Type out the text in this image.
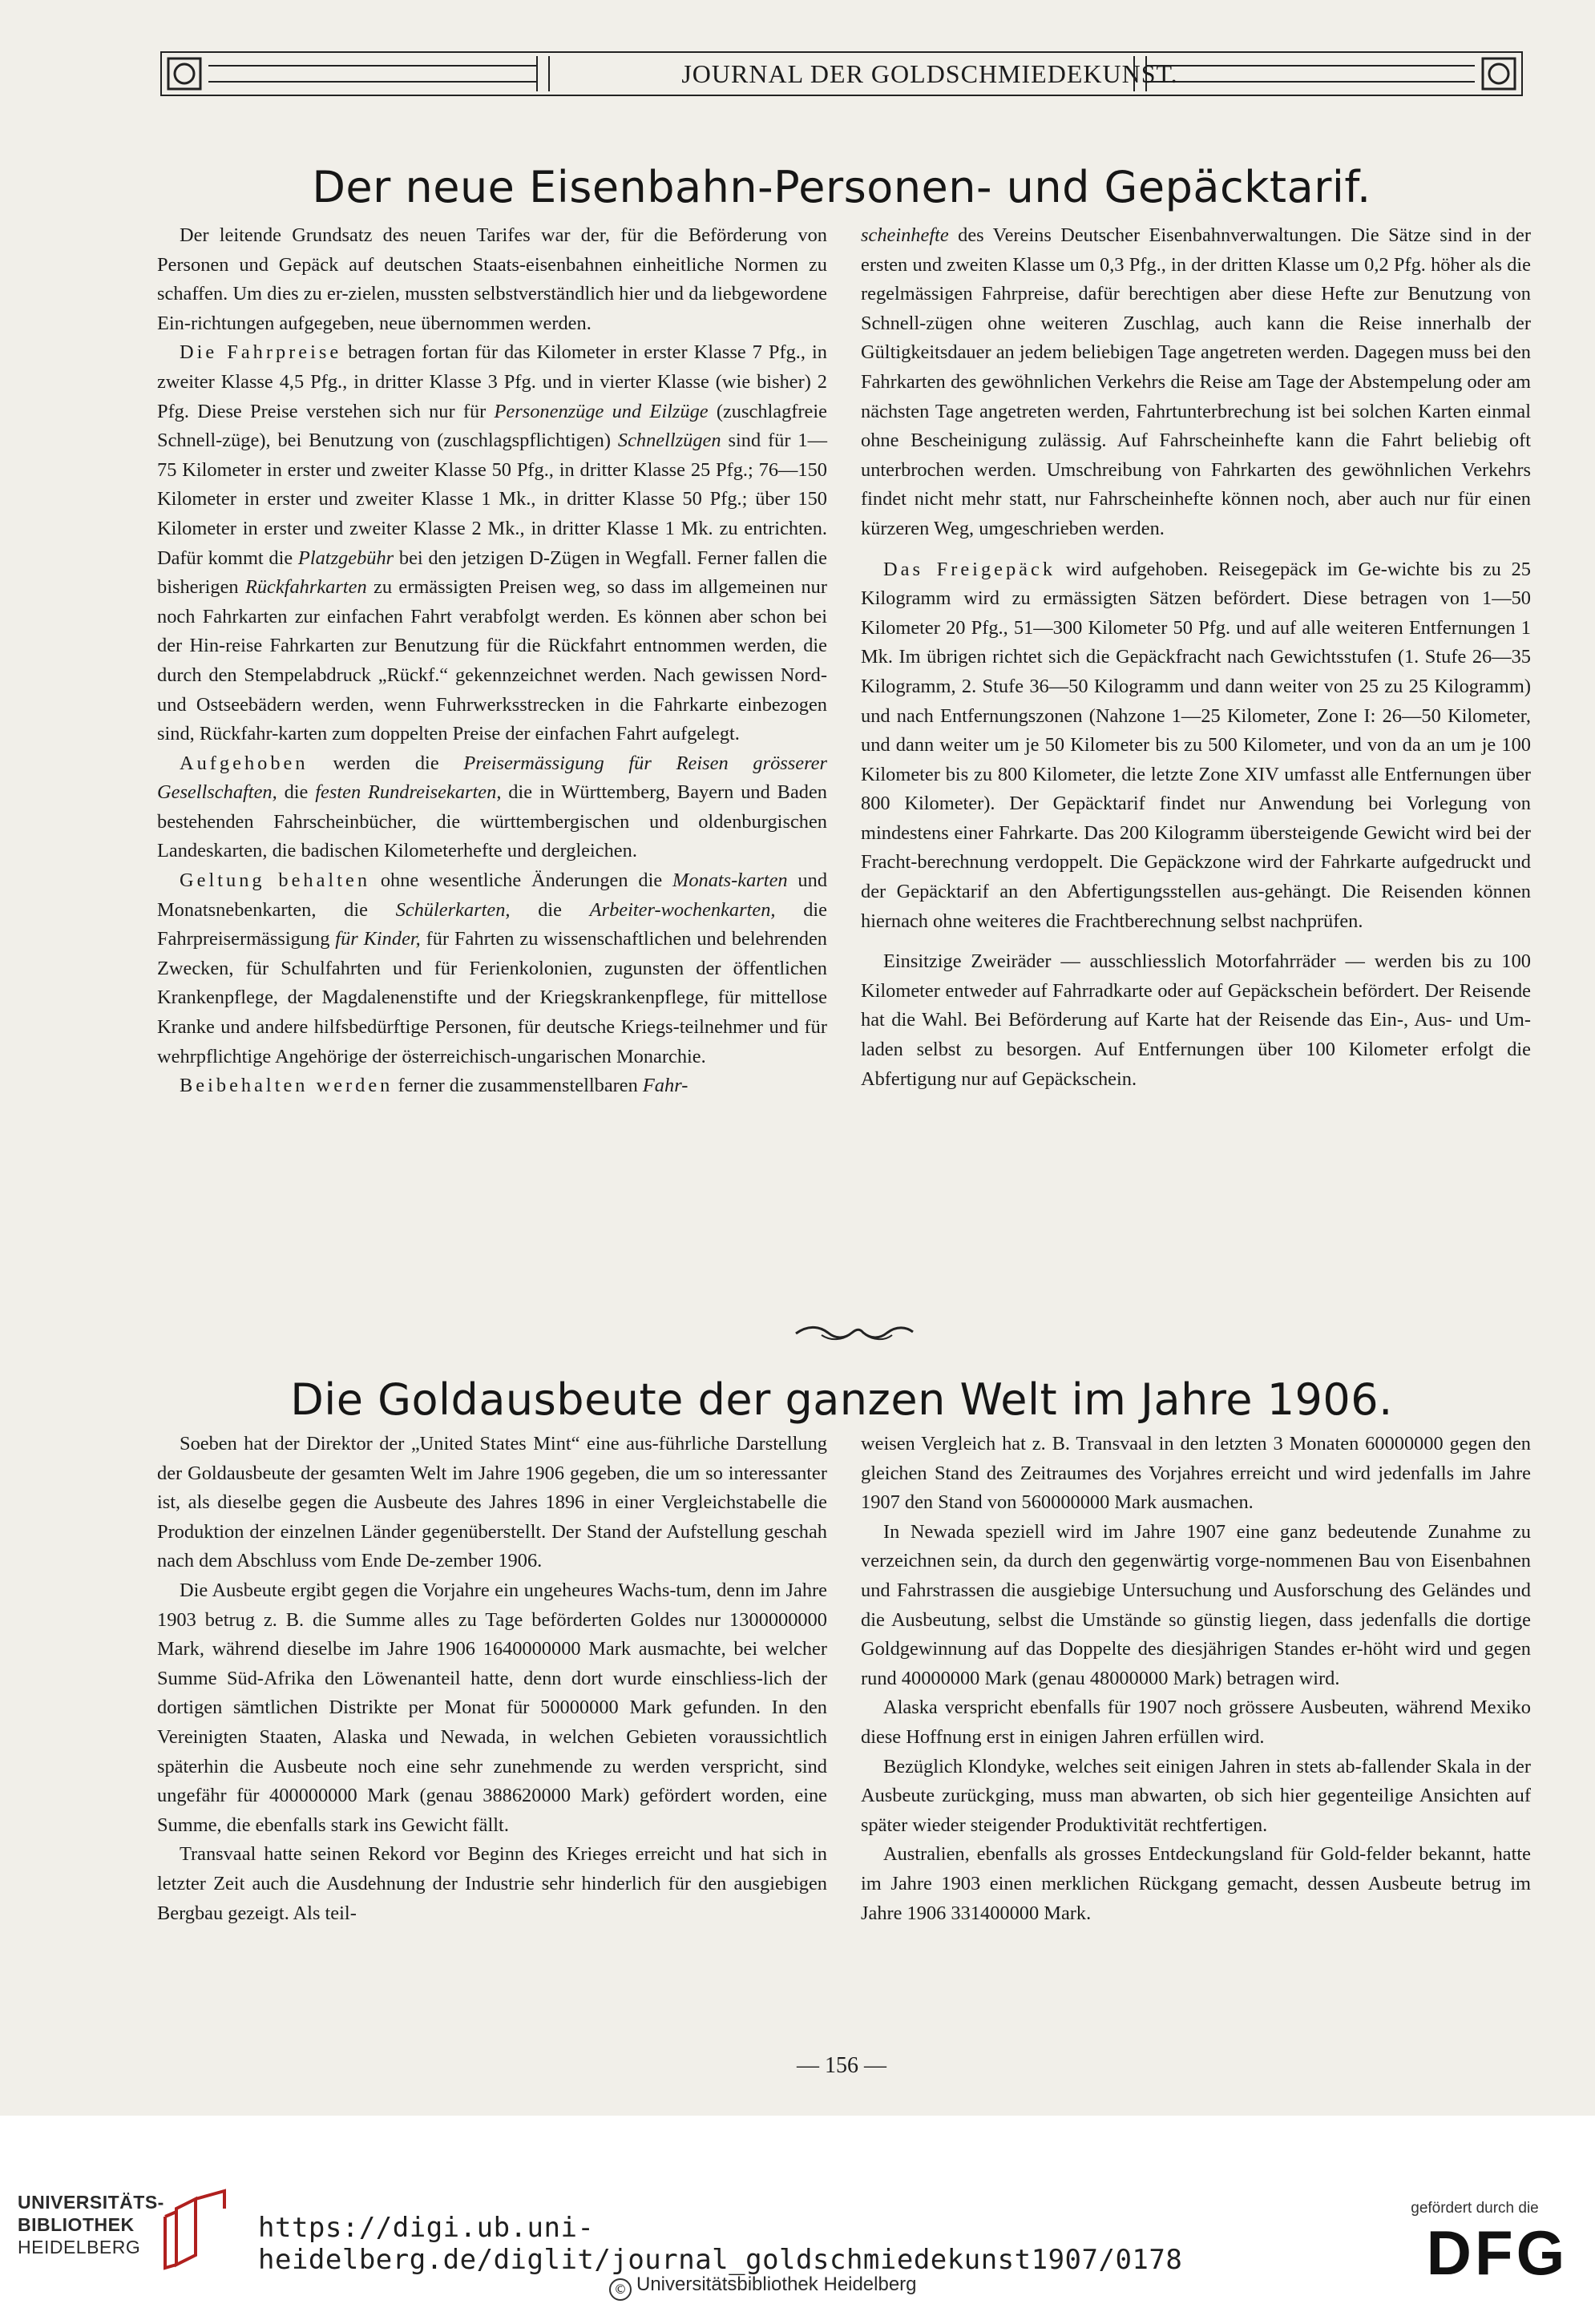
JOURNAL DER GOLDSCHMIEDEKUNST.
Der neue Eisenbahn-Personen- und Gepäcktarif.

Der leitende Grundsatz des neuen Tarifes war der, für die Beförderung von Personen und Gepäck auf deutschen Staats-eisenbahnen einheitliche Normen zu schaffen. Um dies zu er-zielen, mussten selbstverständlich hier und da liebgewordene Ein-richtungen aufgegeben, neue übernommen werden.

Die Fahrpreise betragen fortan für das Kilometer in erster Klasse 7 Pfg., in zweiter Klasse 4,5 Pfg., in dritter Klasse 3 Pfg. und in vierter Klasse (wie bisher) 2 Pfg. Diese Preise verstehen sich nur für Personenzüge und Eilzüge (zuschlagfreie Schnell-züge), bei Benutzung von (zuschlagspflichtigen) Schnellzügen sind für 1—75 Kilometer in erster und zweiter Klasse 50 Pfg., in dritter Klasse 25 Pfg.; 76—150 Kilometer in erster und zweiter Klasse 1 Mk., in dritter Klasse 50 Pfg.; über 150 Kilometer in erster und zweiter Klasse 2 Mk., in dritter Klasse 1 Mk. zu entrichten. Dafür kommt die Platzgebühr bei den jetzigen D-Zügen in Wegfall. Ferner fallen die bisherigen Rückfahrkarten zu ermässigten Preisen weg, so dass im allgemeinen nur noch Fahrkarten zur einfachen Fahrt verabfolgt werden. Es können aber schon bei der Hin-reise Fahrkarten zur Benutzung für die Rückfahrt entnommen werden, die durch den Stempelabdruck „Rückf.“ gekennzeichnet werden. Nach gewissen Nord- und Ostseebädern werden, wenn Fuhrwerksstrecken in die Fahrkarte einbezogen sind, Rückfahr-karten zum doppelten Preise der einfachen Fahrt aufgelegt.

Aufgehoben werden die Preisermässigung für Reisen grösserer Gesellschaften, die festen Rundreisekarten, die in Württemberg, Bayern und Baden bestehenden Fahrscheinbücher, die württembergischen und oldenburgischen Landeskarten, die badischen Kilometerhefte und dergleichen.

Geltung behalten ohne wesentliche Änderungen die Monats-karten und Monatsnebenkarten, die Schülerkarten, die Arbeiter-wochenkarten, die Fahrpreisermässigung für Kinder, für Fahrten zu wissenschaftlichen und belehrenden Zwecken, für Schulfahrten und für Ferienkolonien, zugunsten der öffentlichen Krankenpflege, der Magdalenenstifte und der Kriegskrankenpflege, für mittellose Kranke und andere hilfsbedürftige Personen, für deutsche Kriegs-teilnehmer und für wehrpflichtige Angehörige der österreichisch-ungarischen Monarchie.

Beibehalten werden ferner die zusammenstellbaren Fahr-

scheinhefte des Vereins Deutscher Eisenbahnverwaltungen. Die Sätze sind in der ersten und zweiten Klasse um 0,3 Pfg., in der dritten Klasse um 0,2 Pfg. höher als die regelmässigen Fahrpreise, dafür berechtigen aber diese Hefte zur Benutzung von Schnell-zügen ohne weiteren Zuschlag, auch kann die Reise innerhalb der Gültigkeitsdauer an jedem beliebigen Tage angetreten werden. Dagegen muss bei den Fahrkarten des gewöhnlichen Verkehrs die Reise am Tage der Abstempelung oder am nächsten Tage angetreten werden, Fahrtunterbrechung ist bei solchen Karten einmal ohne Bescheinigung zulässig. Auf Fahrscheinhefte kann die Fahrt beliebig oft unterbrochen werden. Umschreibung von Fahrkarten des gewöhnlichen Verkehrs findet nicht mehr statt, nur Fahrscheinhefte können noch, aber auch nur für einen kürzeren Weg, umgeschrieben werden.

Das Freigepäck wird aufgehoben. Reisegepäck im Ge-wichte bis zu 25 Kilogramm wird zu ermässigten Sätzen befördert. Diese betragen von 1—50 Kilometer 20 Pfg., 51—300 Kilometer 50 Pfg. und auf alle weiteren Entfernungen 1 Mk. Im übrigen richtet sich die Gepäckfracht nach Gewichtsstufen (1. Stufe 26—35 Kilogramm, 2. Stufe 36—50 Kilogramm und dann weiter von 25 zu 25 Kilogramm) und nach Entfernungszonen (Nahzone 1—25 Kilometer, Zone I: 26—50 Kilometer, und dann weiter um je 50 Kilometer bis zu 500 Kilometer, und von da an um je 100 Kilometer bis zu 800 Kilometer, die letzte Zone XIV umfasst alle Entfernungen über 800 Kilometer). Der Gepäcktarif findet nur Anwendung bei Vorlegung von mindestens einer Fahrkarte. Das 200 Kilogramm übersteigende Gewicht wird bei der Fracht-berechnung verdoppelt. Die Gepäckzone wird der Fahrkarte aufgedruckt und der Gepäcktarif an den Abfertigungsstellen aus-gehängt. Die Reisenden können hiernach ohne weiteres die Frachtberechnung selbst nachprüfen.

Einsitzige Zweiräder — ausschliesslich Motorfahrräder — werden bis zu 100 Kilometer entweder auf Fahrradkarte oder auf Gepäckschein befördert. Der Reisende hat die Wahl. Bei Beförderung auf Karte hat der Reisende das Ein-, Aus- und Um-laden selbst zu besorgen. Auf Entfernungen über 100 Kilometer erfolgt die Abfertigung nur auf Gepäckschein.

Die Goldausbeute der ganzen Welt im Jahre 1906.

Soeben hat der Direktor der „United States Mint“ eine aus-führliche Darstellung der Goldausbeute der gesamten Welt im Jahre 1906 gegeben, die um so interessanter ist, als dieselbe gegen die Ausbeute des Jahres 1896 in einer Vergleichstabelle die Produktion der einzelnen Länder gegenüberstellt. Der Stand der Aufstellung geschah nach dem Abschluss vom Ende De-zember 1906.

Die Ausbeute ergibt gegen die Vorjahre ein ungeheures Wachs-tum, denn im Jahre 1903 betrug z. B. die Summe alles zu Tage beförderten Goldes nur 1300000000 Mark, während dieselbe im Jahre 1906 1640000000 Mark ausmachte, bei welcher Summe Süd-Afrika den Löwenanteil hatte, denn dort wurde einschliess-lich der dortigen sämtlichen Distrikte per Monat für 50000000 Mark gefunden. In den Vereinigten Staaten, Alaska und Newada, in welchen Gebieten voraussichtlich späterhin die Ausbeute noch eine sehr zunehmende zu werden verspricht, sind ungefähr für 400000000 Mark (genau 388620000 Mark) gefördert worden, eine Summe, die ebenfalls stark ins Gewicht fällt.

Transvaal hatte seinen Rekord vor Beginn des Krieges erreicht und hat sich in letzter Zeit auch die Ausdehnung der Industrie sehr hinderlich für den ausgiebigen Bergbau gezeigt. Als teil-

weisen Vergleich hat z. B. Transvaal in den letzten 3 Monaten 60000000 gegen den gleichen Stand des Zeitraumes des Vorjahres erreicht und wird jedenfalls im Jahre 1907 den Stand von 560000000 Mark ausmachen.

In Newada speziell wird im Jahre 1907 eine ganz bedeutende Zunahme zu verzeichnen sein, da durch den gegenwärtig vorge-nommenen Bau von Eisenbahnen und Fahrstrassen die ausgiebige Untersuchung und Ausforschung des Geländes und die Ausbeutung, selbst die Umstände so günstig liegen, dass jedenfalls die dortige Goldgewinnung auf das Doppelte des diesjährigen Standes er-höht wird und gegen rund 40000000 Mark (genau 48000000 Mark) betragen wird.

Alaska verspricht ebenfalls für 1907 noch grössere Ausbeuten, während Mexiko diese Hoffnung erst in einigen Jahren erfüllen wird.

Bezüglich Klondyke, welches seit einigen Jahren in stets ab-fallender Skala in der Ausbeute zurückging, muss man abwarten, ob sich hier gegenteilige Ansichten auf später wieder steigender Produktivität rechtfertigen.

Australien, ebenfalls als grosses Entdeckungsland für Gold-felder bekannt, hatte im Jahre 1903 einen merklichen Rückgang gemacht, dessen Ausbeute betrug im Jahre 1906 331400000 Mark.

— 156 —
UNIVERSITÄTS-
BIBLIOTHEK
HEIDELBERG
https://digi.ub.uni-heidelberg.de/diglit/journal_goldschmiedekunst1907/0178
© Universitätsbibliothek Heidelberg
gefördert durch die
DFG
